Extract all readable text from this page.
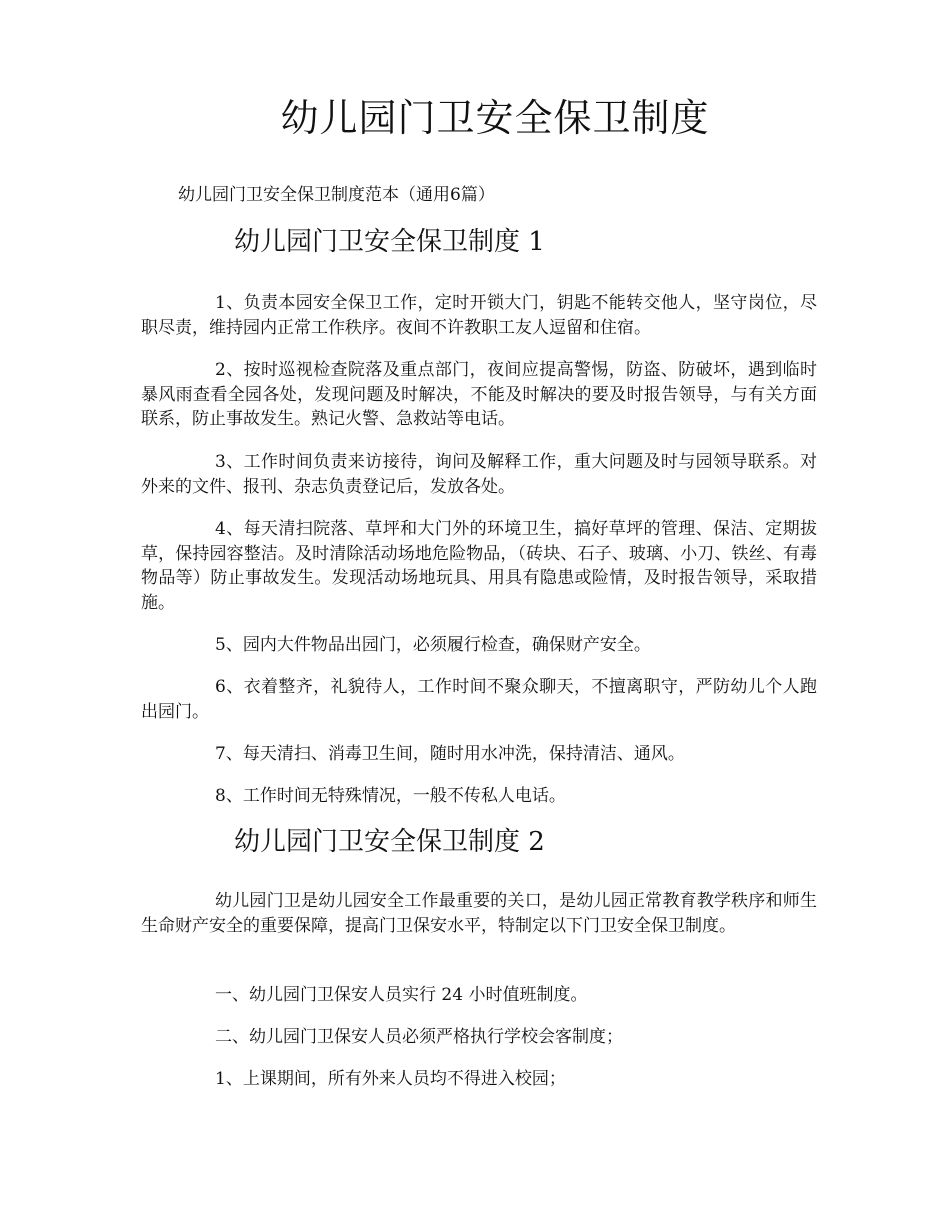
幼儿园门卫安全保卫制度

幼儿园门卫安全保卫制度范本（通用6篇）

幼儿园门卫安全保卫制度 1

1、负责本园安全保卫工作，定时开锁大门，钥匙不能转交他人，坚守岗位，尽职尽责，维持园内正常工作秩序。夜间不许教职工友人逗留和住宿。

2、按时巡视检查院落及重点部门，夜间应提高警惕，防盗、防破坏，遇到临时暴风雨查看全园各处，发现问题及时解决，不能及时解决的要及时报告领导，与有关方面联系，防止事故发生。熟记火警、急救站等电话。

3、工作时间负责来访接待，询问及解释工作，重大问题及时与园领导联系。对外来的文件、报刊、杂志负责登记后，发放各处。

4、每天清扫院落、草坪和大门外的环境卫生，搞好草坪的管理、保洁、定期拔草，保持园容整洁。及时清除活动场地危险物品，（砖块、石子、玻璃、小刀、铁丝、有毒物品等）防止事故发生。发现活动场地玩具、用具有隐患或险情，及时报告领导，采取措施。

5、园内大件物品出园门，必须履行检查，确保财产安全。

6、衣着整齐，礼貌待人，工作时间不聚众聊天，不擅离职守，严防幼儿个人跑出园门。

7、每天清扫、消毒卫生间，随时用水冲洗，保持清洁、通风。

8、工作时间无特殊情况，一般不传私人电话。

幼儿园门卫安全保卫制度 2

幼儿园门卫是幼儿园安全工作最重要的关口，是幼儿园正常教育教学秩序和师生生命财产安全的重要保障，提高门卫保安水平，特制定以下门卫安全保卫制度。

一、幼儿园门卫保安人员实行 24 小时值班制度。

二、幼儿园门卫保安人员必须严格执行学校会客制度；

1、上课期间，所有外来人员均不得进入校园；
